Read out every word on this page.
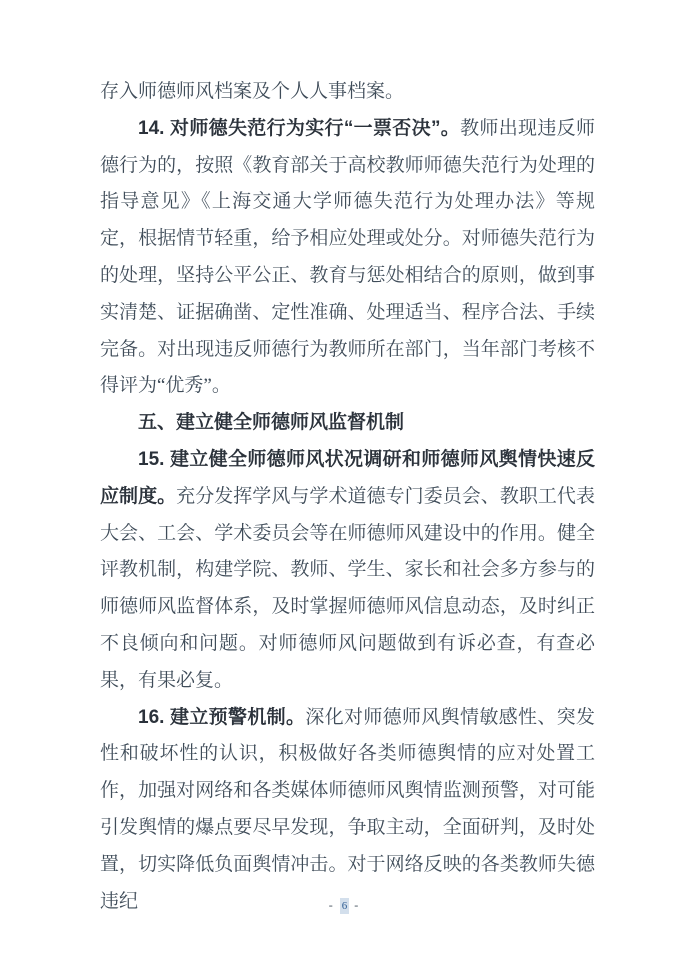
存入师德师风档案及个人人事档案。

14. 对师德失范行为实行“一票否决”。教师出现违反师德行为的，按照《教育部关于高校教师师德失范行为处理的指导意见》《上海交通大学师德失范行为处理办法》等规定，根据情节轻重，给予相应处理或处分。对师德失范行为的处理，坚持公平公正、教育与惩处相结合的原则，做到事实清楚、证据确凿、定性准确、处理适当、程序合法、手续完备。对出现违反师德行为教师所在部门，当年部门考核不得评为“优秀”。

五、建立健全师德师风监督机制

15. 建立健全师德师风状况调研和师德师风舆情快速反应制度。充分发挥学风与学术道德专门委员会、教职工代表大会、工会、学术委员会等在师德师风建设中的作用。健全评教机制，构建学院、教师、学生、家长和社会多方参与的师德师风监督体系，及时掌握师德师风信息动态，及时纠正不良倾向和问题。对师德师风问题做到有诉必查，有查必果，有果必复。

16. 建立预警机制。深化对师德师风舆情敏感性、突发性和破坏性的认识，积极做好各类师德舆情的应对处置工作，加强对网络和各类媒体师德师风舆情监测预警，对可能引发舆情的爆点要尽早发现，争取主动，全面研判，及时处置，切实降低负面舆情冲击。对于网络反映的各类教师失德违纪	- 6 -
